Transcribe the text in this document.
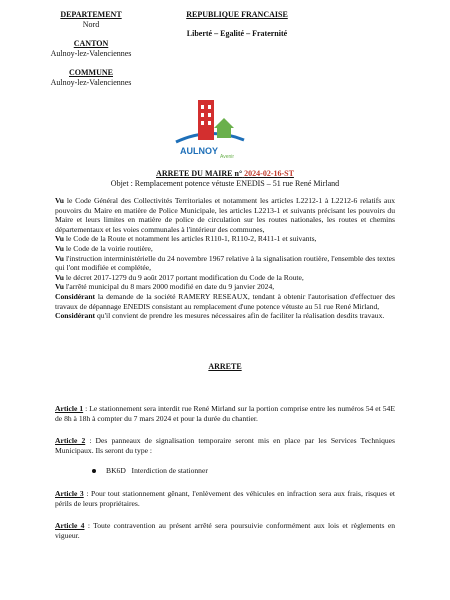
DEPARTEMENT
Nord
CANTON
Aulnoy-lez-Valenciennes
COMMUNE
Aulnoy-lez-Valenciennes
REPUBLIQUE FRANCAISE
Liberté – Egalité – Fraternité
AULNOY
Avenir
ARRETE DU MAIRE n° 2024-02-16-ST
Objet : Remplacement potence vétuste ENEDIS – 51 rue René Mirland

Vu le Code Général des Collectivités Territoriales et notamment les articles L2212-1 à L2212-6 relatifs aux pouvoirs du Maire en matière de Police Municipale, les articles L2213-1 et suivants précisant les pouvoirs du Maire et leurs limites en matière de police de circulation sur les routes nationales, les routes et chemins départementaux et les voies communales à l'intérieur des communes,

Vu le Code de la Route et notamment les articles R110-1, R110-2, R411-1 et suivants,

Vu le Code de la voirie routière,

Vu l'instruction interministérielle du 24 novembre 1967 relative à la signalisation routière, l'ensemble des textes qui l'ont modifiée et complétée,

Vu le décret 2017-1279 du 9 août 2017 portant modification du Code de la Route,

Vu l'arrêté municipal du 8 mars 2000 modifié en date du 9 janvier 2024,

Considérant la demande de la société RAMERY RESEAUX, tendant à obtenir l'autorisation d'effectuer des travaux de dépannage ENEDIS consistant au remplacement d'une potence vétuste au 51 rue René Mirland,

Considérant qu'il convient de prendre les mesures nécessaires afin de faciliter la réalisation desdits travaux.

ARRETE
Article 1 : Le stationnement sera interdit rue René Mirland sur la portion comprise entre les numéros 54 et 54E de 8h à 18h à compter du 7 mars 2024 et pour la durée du chantier.
Article 2 : Des panneaux de signalisation temporaire seront mis en place par les Services Techniques Municipaux. Ils seront du type :
BK6D Interdiction de stationner
Article 3 : Pour tout stationnement gênant, l'enlèvement des véhicules en infraction sera aux frais, risques et périls de leurs propriétaires.
Article 4 : Toute contravention au présent arrêté sera poursuivie conformément aux lois et règlements en vigueur.
